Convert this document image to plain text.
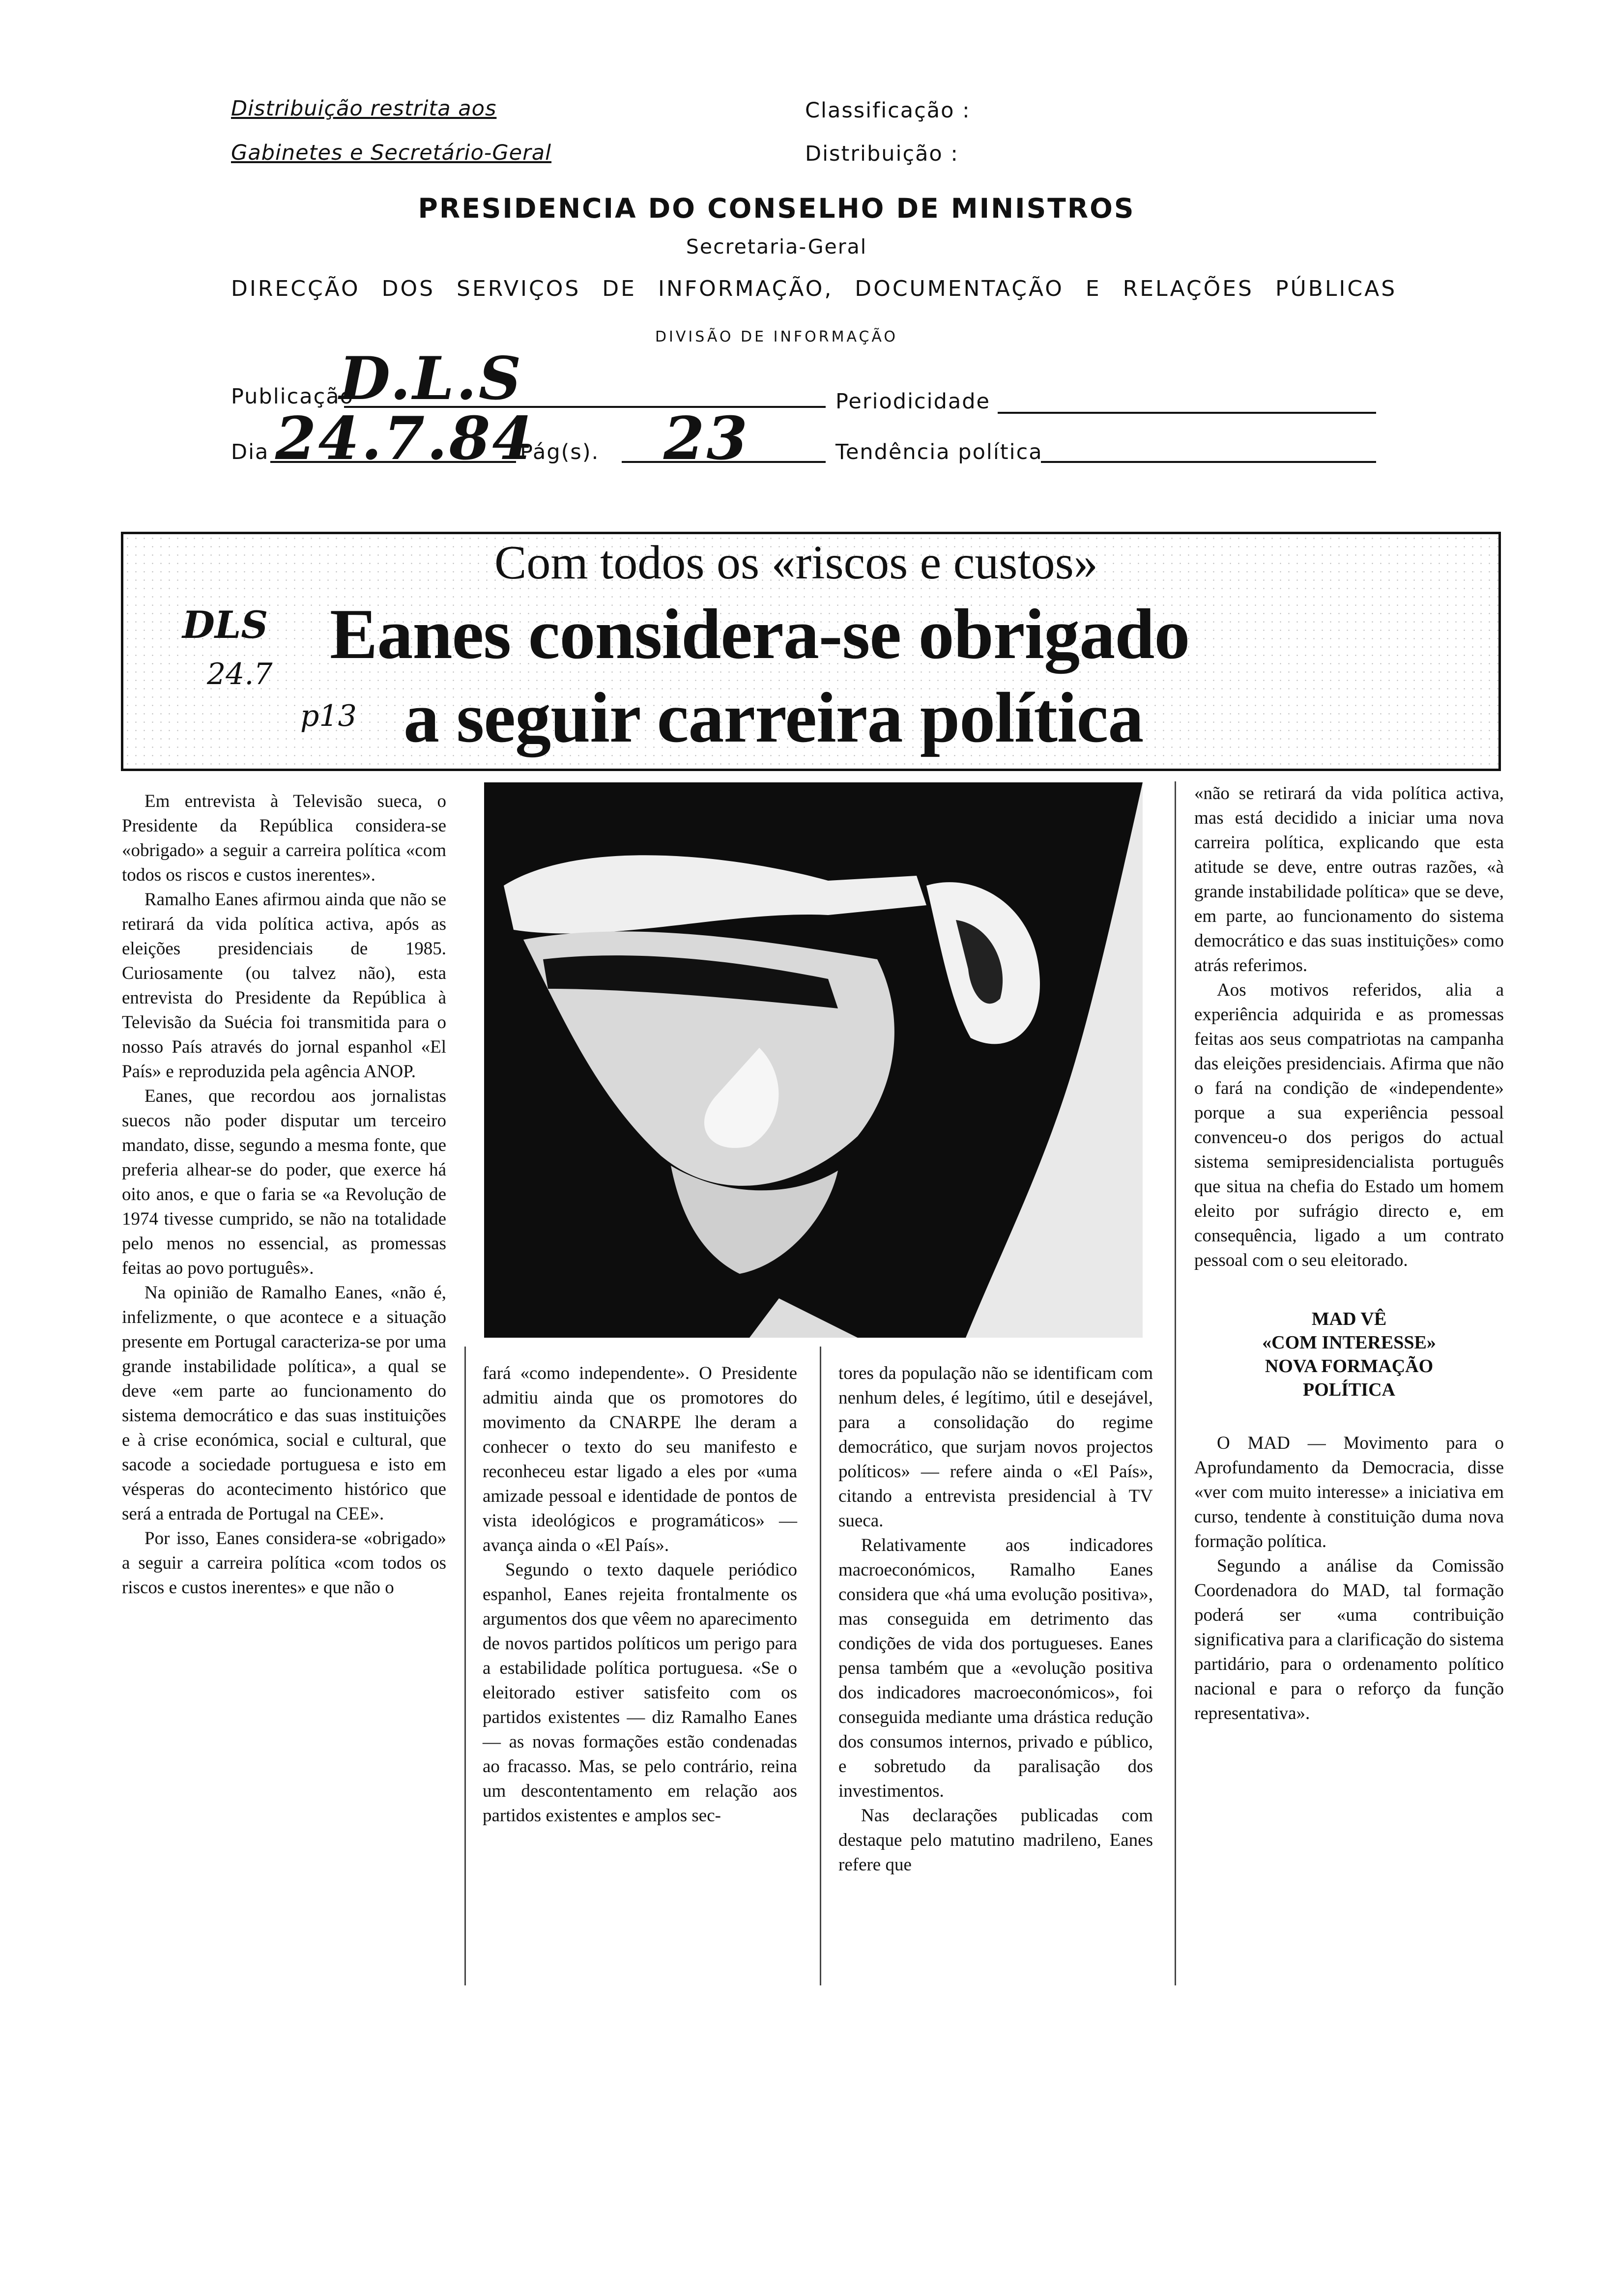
Distribuição restrita aos
Gabinetes e Secretário-Geral
Classificação :
Distribuição :
PRESIDENCIA DO CONSELHO DE MINISTROS
Secretaria-Geral
DIRECÇÃO DOS SERVIÇOS DE INFORMAÇÃO, DOCUMENTAÇÃO E RELAÇÕES PÚBLICAS
DIVISÃO DE INFORMAÇÃO
Publicação
D.L.S	Periodicidade
Dia 24.7.84
Pág(s). 23	Tendência política
Com todos os «riscos e custos»
Eanes considera-se obrigado
a seguir carreira política
DLS
24.7
p13

Em entrevista à Televisão sueca, o Presidente da República considera-se «obrigado» a seguir a carreira política «com todos os riscos e custos inerentes».

Ramalho Eanes afirmou ainda que não se retirará da vida política activa, após as eleições presidenciais de 1985. Curiosamente (ou talvez não), esta entrevista do Presidente da República à Televisão da Suécia foi transmitida para o nosso País através do jornal espanhol «El País» e reproduzida pela agência ANOP.

Eanes, que recordou aos jornalistas suecos não poder disputar um terceiro mandato, disse, segundo a mesma fonte, que preferia alhear-se do poder, que exerce há oito anos, e que o faria se «a Revolução de 1974 tivesse cumprido, se não na totalidade pelo menos no essencial, as promessas feitas ao povo português».

Na opinião de Ramalho Eanes, «não é, infelizmente, o que acontece e a situação presente em Portugal caracteriza-se por uma grande instabilidade política», a qual se deve «em parte ao funcionamento do sistema democrático e das suas instituições e à crise económica, social e cultural, que sacode a sociedade portuguesa e isto em vésperas do acontecimento histórico que será a entrada de Portugal na CEE».

Por isso, Eanes considera-se «obrigado» a seguir a carreira política «com todos os riscos e custos inerentes» e que não o

fará «como independente». O Presidente admitiu ainda que os promotores do movimento da CNARPE lhe deram a conhecer o texto do seu manifesto e reconheceu estar ligado a eles por «uma amizade pessoal e identidade de pontos de vista ideológicos e programáticos» — avança ainda o «El País».

Segundo o texto daquele periódico espanhol, Eanes rejeita frontalmente os argumentos dos que vêem no aparecimento de novos partidos políticos um perigo para a estabilidade política portuguesa. «Se o eleitorado estiver satisfeito com os partidos existentes — diz Ramalho Eanes — as novas formações estão condenadas ao fracasso. Mas, se pelo contrário, reina um descontentamento em relação aos partidos existentes e amplos sec-

tores da população não se identificam com nenhum deles, é legítimo, útil e desejável, para a consolidação do regime democrático, que surjam novos projectos políticos» — refere ainda o «El País», citando a entrevista presidencial à TV sueca.

Relativamente aos indicadores macroeconómicos, Ramalho Eanes considera que «há uma evolução positiva», mas conseguida em detrimento das condições de vida dos portugueses. Eanes pensa também que a «evolução positiva dos indicadores macroeconómicos», foi conseguida mediante uma drástica redução dos consumos internos, privado e público, e sobretudo da paralisação dos investimentos.

Nas declarações publicadas com destaque pelo matutino madrileno, Eanes refere que

«não se retirará da vida política activa, mas está decidido a iniciar uma nova carreira política, explicando que esta atitude se deve, entre outras razões, «à grande instabilidade política» que se deve, em parte, ao funcionamento do sistema democrático e das suas instituições» como atrás referimos.

Aos motivos referidos, alia a experiência adquirida e as promessas feitas aos seus compatriotas na campanha das eleições presidenciais. Afirma que não o fará na condição de «independente» porque a sua experiência pessoal convenceu-o dos perigos do actual sistema semipresidencialista português que situa na chefia do Estado um homem eleito por sufrágio directo e, em consequência, ligado a um contrato pessoal com o seu eleitorado.

MAD VÊ
«COM INTERESSE»
NOVA FORMAÇÃO
POLÍTICA

O MAD — Movimento para o Aprofundamento da Democracia, disse «ver com muito interesse» a iniciativa em curso, tendente à constituição duma nova formação política.

Segundo a análise da Comissão Coordenadora do MAD, tal formação poderá ser «uma contribuição significativa para a clarificação do sistema partidário, para o ordenamento político nacional e para o reforço da função representativa».
